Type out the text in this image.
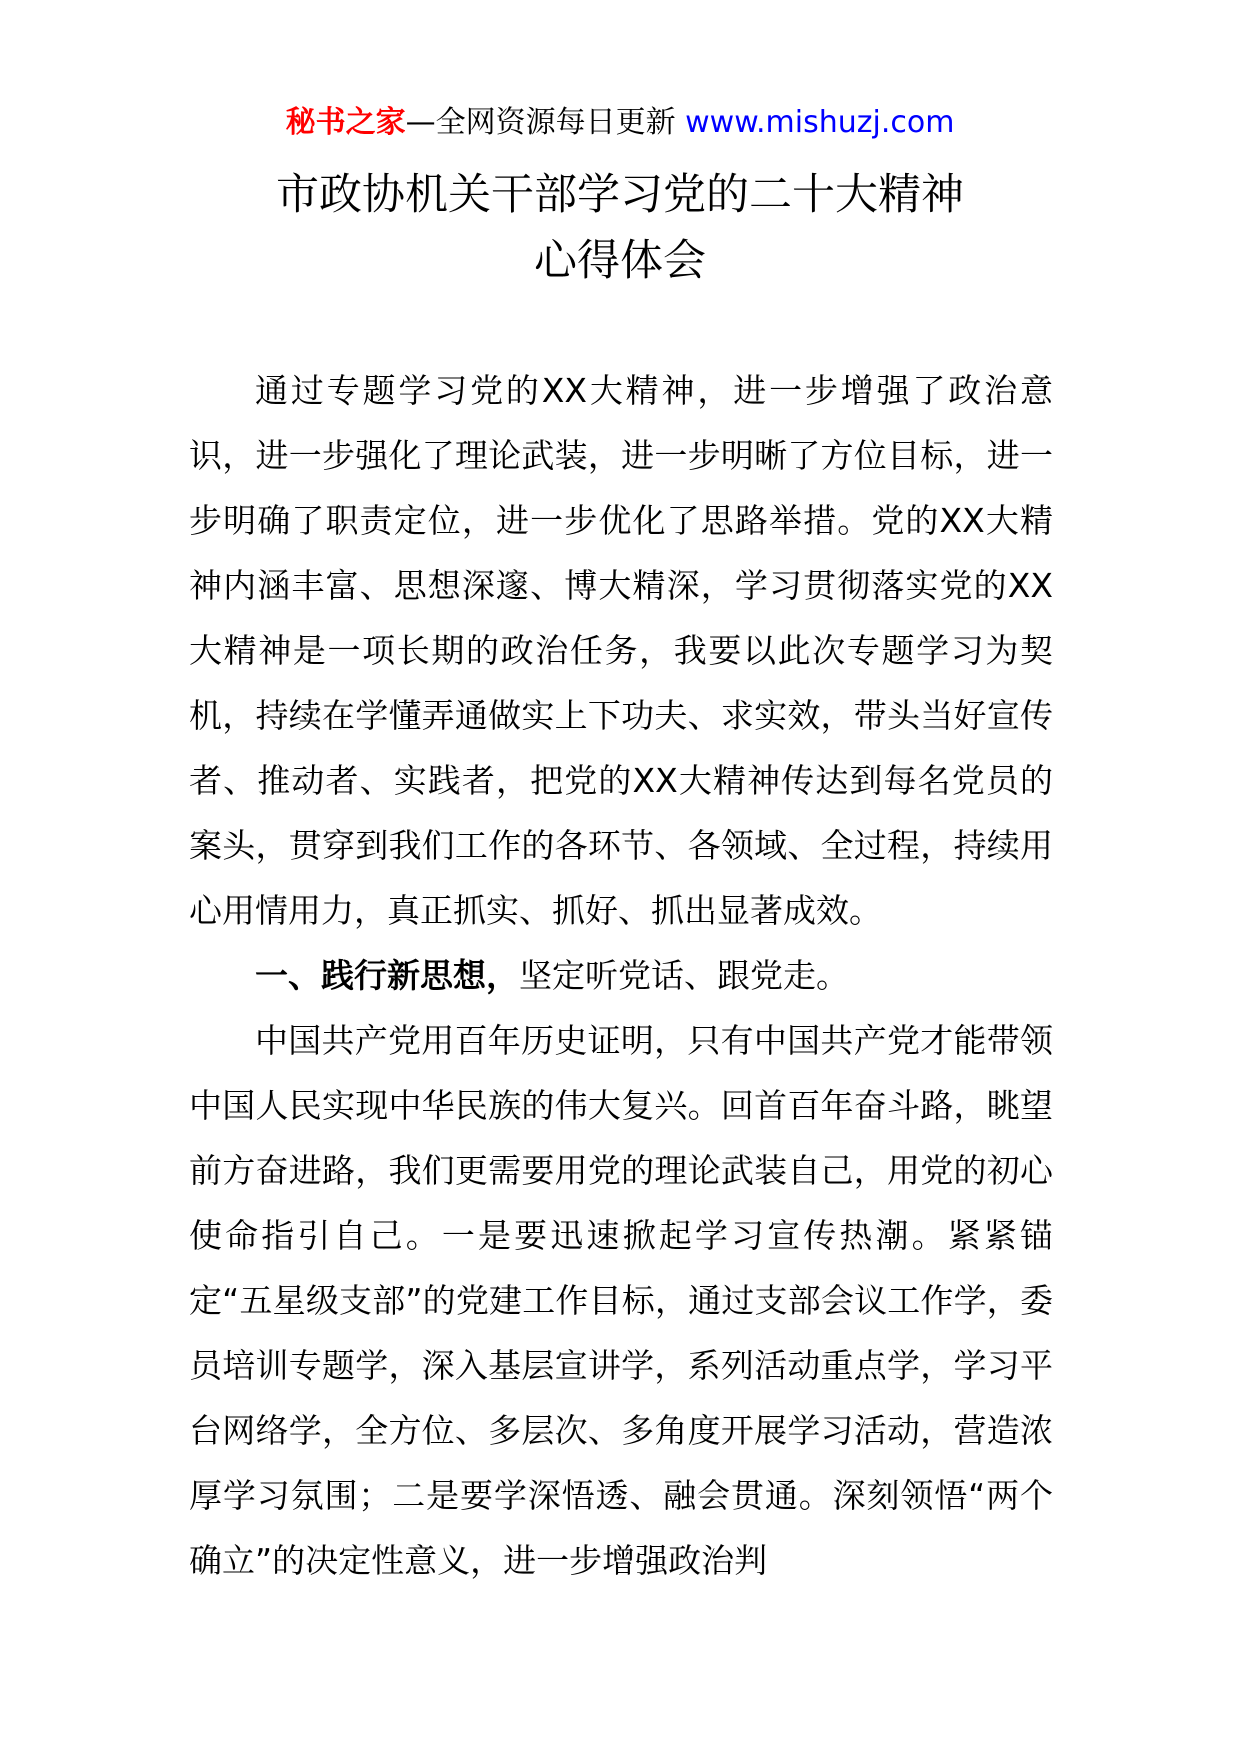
秘书之家—全网资源每日更新 www.mishuzj.com
市政协机关干部学习党的二十大精神
心得体会

通过专题学习党的XX大精神，进一步增强了政治意识，进一步强化了理论武装，进一步明晰了方位目标，进一步明确了职责定位，进一步优化了思路举措。党的XX大精神内涵丰富、思想深邃、博大精深，学习贯彻落实党的XX大精神是一项长期的政治任务，我要以此次专题学习为契机，持续在学懂弄通做实上下功夫、求实效，带头当好宣传者、推动者、实践者，把党的XX大精神传达到每名党员的案头，贯穿到我们工作的各环节、各领域、全过程，持续用心用情用力，真正抓实、抓好、抓出显著成效。

一、践行新思想，坚定听党话、跟党走。

中国共产党用百年历史证明，只有中国共产党才能带领中国人民实现中华民族的伟大复兴。回首百年奋斗路，眺望前方奋进路，我们更需要用党的理论武装自己，用党的初心使命指引自己。一是要迅速掀起学习宣传热潮。紧紧锚定“五星级支部”的党建工作目标，通过支部会议工作学，委员培训专题学，深入基层宣讲学，系列活动重点学，学习平台网络学，全方位、多层次、多角度开展学习活动，营造浓厚学习氛围；二是要学深悟透、融会贯通。深刻领悟“两个确立”的决定性意义，进一步增强政治判
